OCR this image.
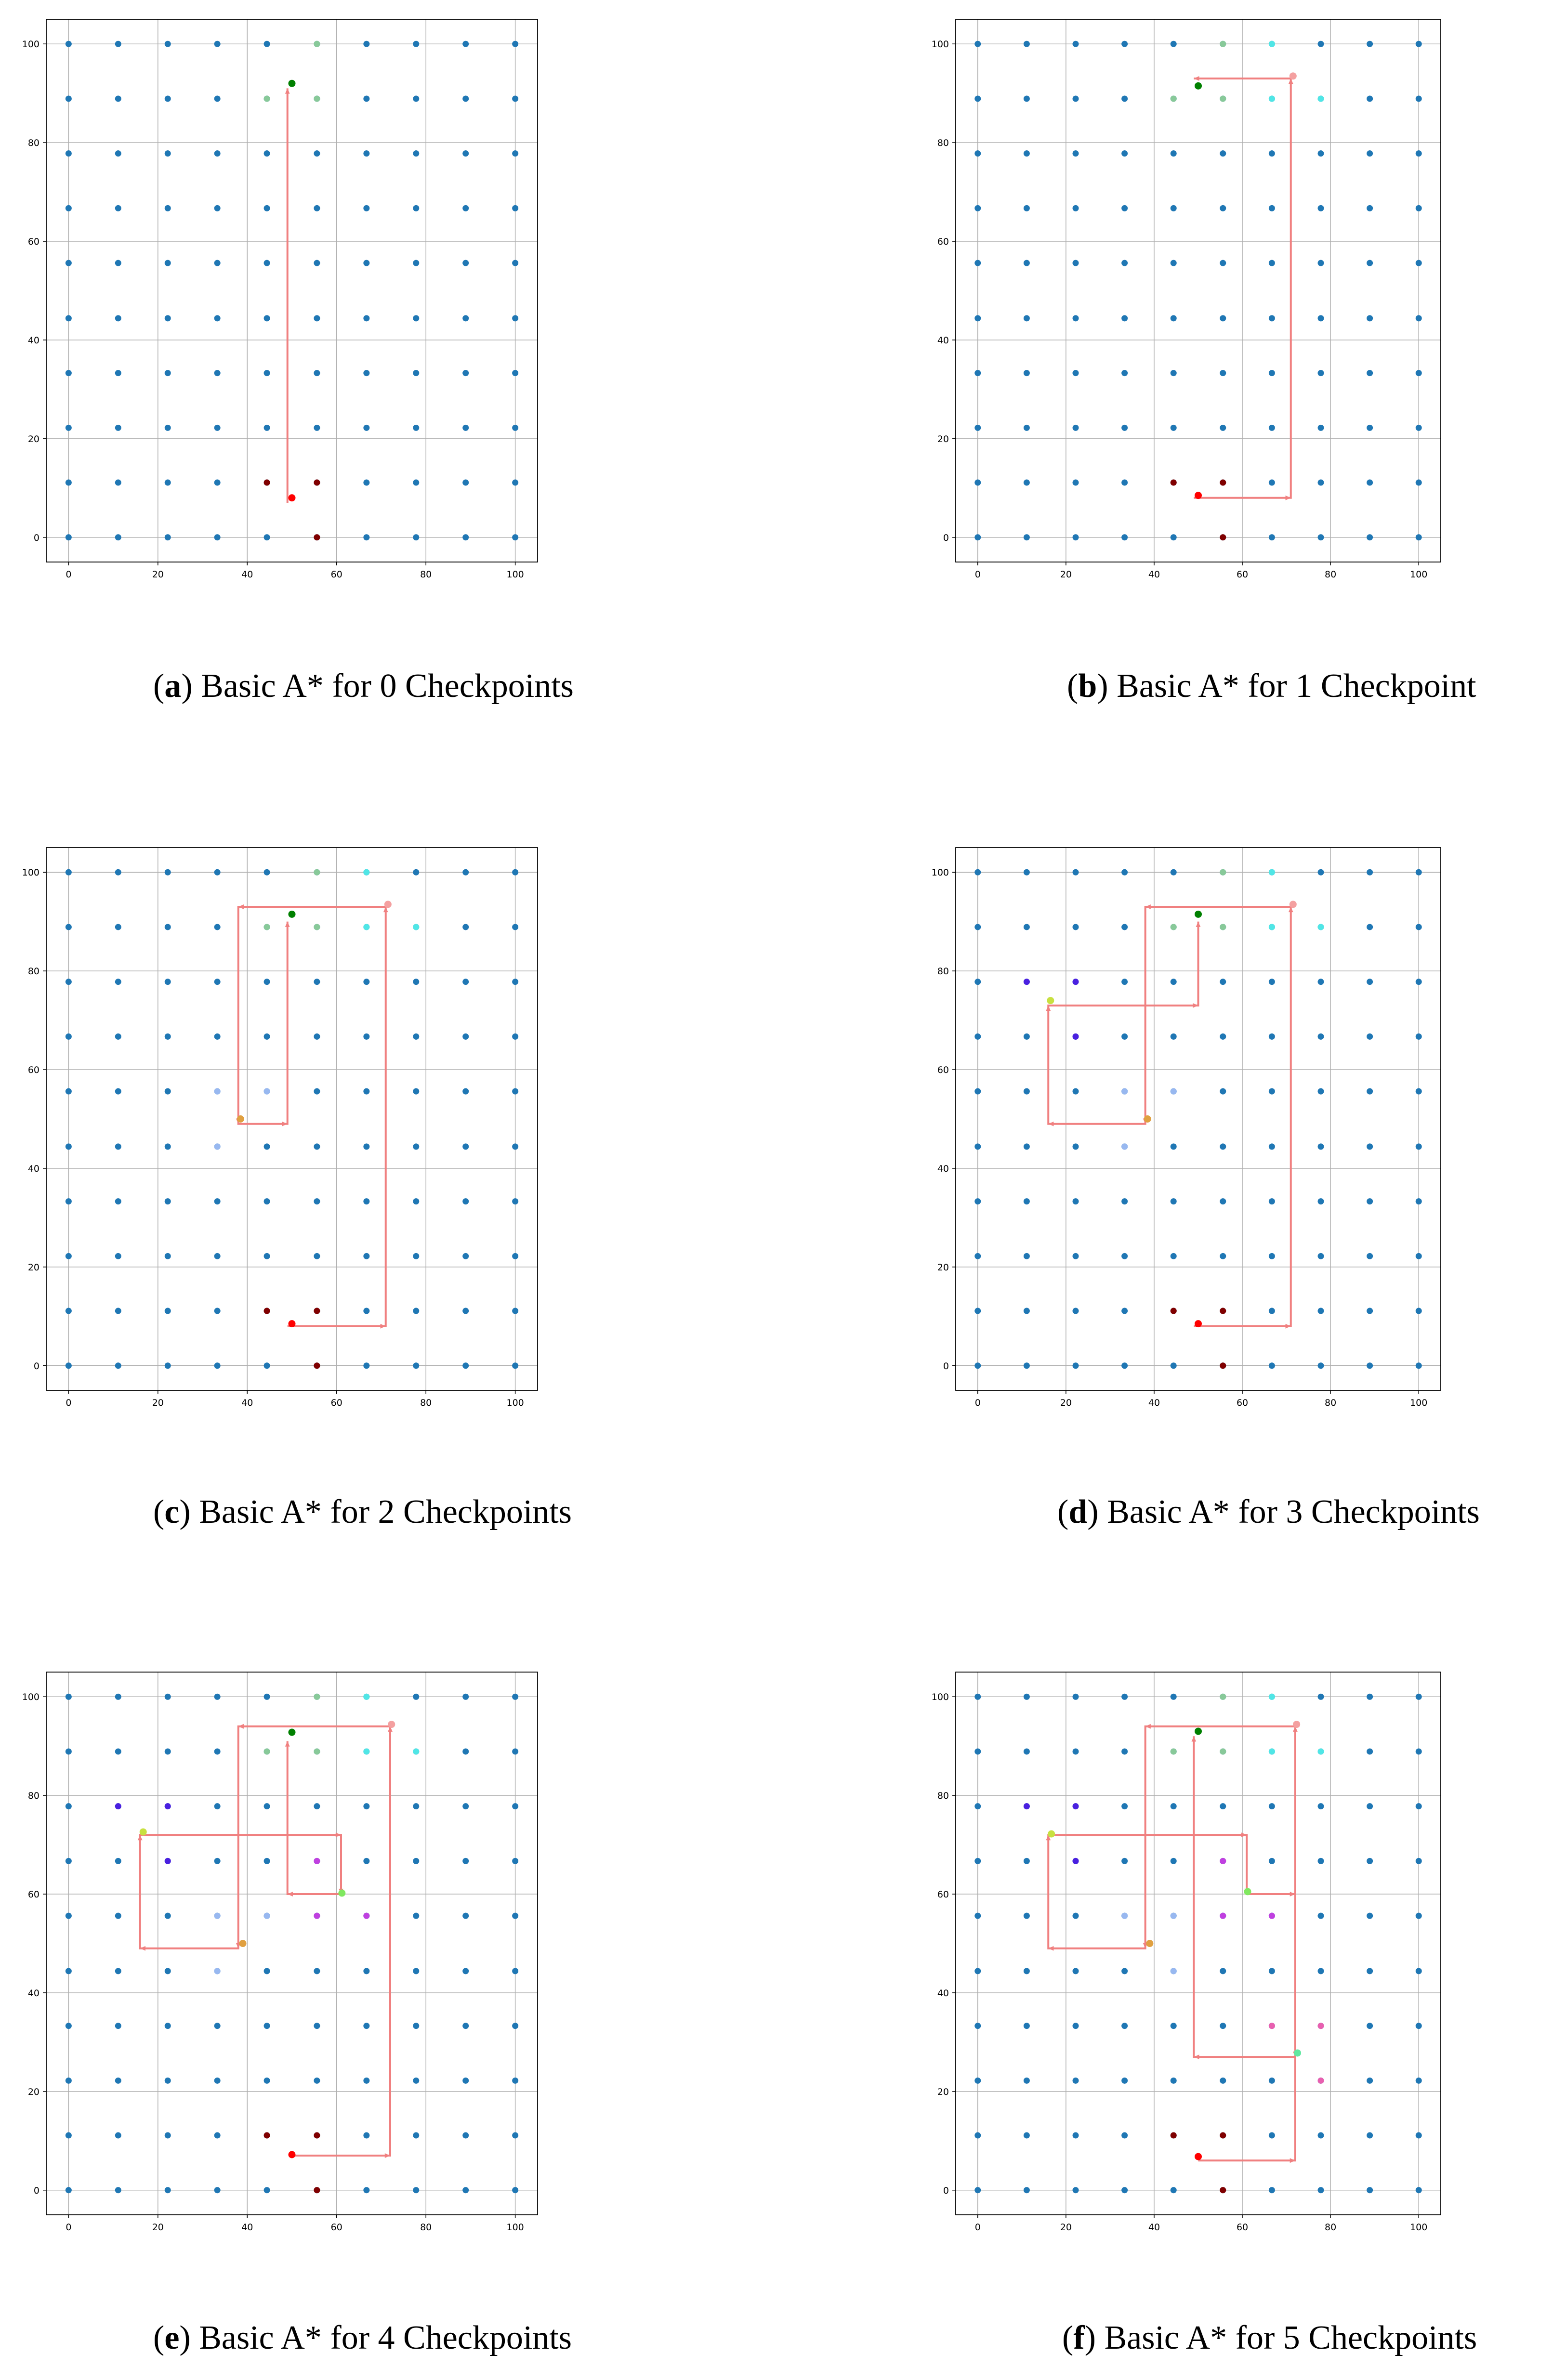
0	20	40	60	80	100
0
20
40
60
80
100
0	20	40	60	80	100
0
20
40
60
80
100
0	20	40	60	80	100
0
20
40
60
80
100
0	20	40	60	80	100
0
20
40
60
80
100
0	20	40	60	80	100
0
20
40
60
80
100
0	20	40	60	80	100
0
20
40
60
80
100
(a) Basic A* for 0 Checkpoints	(b) Basic A* for 1 Checkpoint
(c) Basic A* for 2 Checkpoints	(d) Basic A* for 3 Checkpoints
(e) Basic A* for 4 Checkpoints	(f) Basic A* for 5 Checkpoints
